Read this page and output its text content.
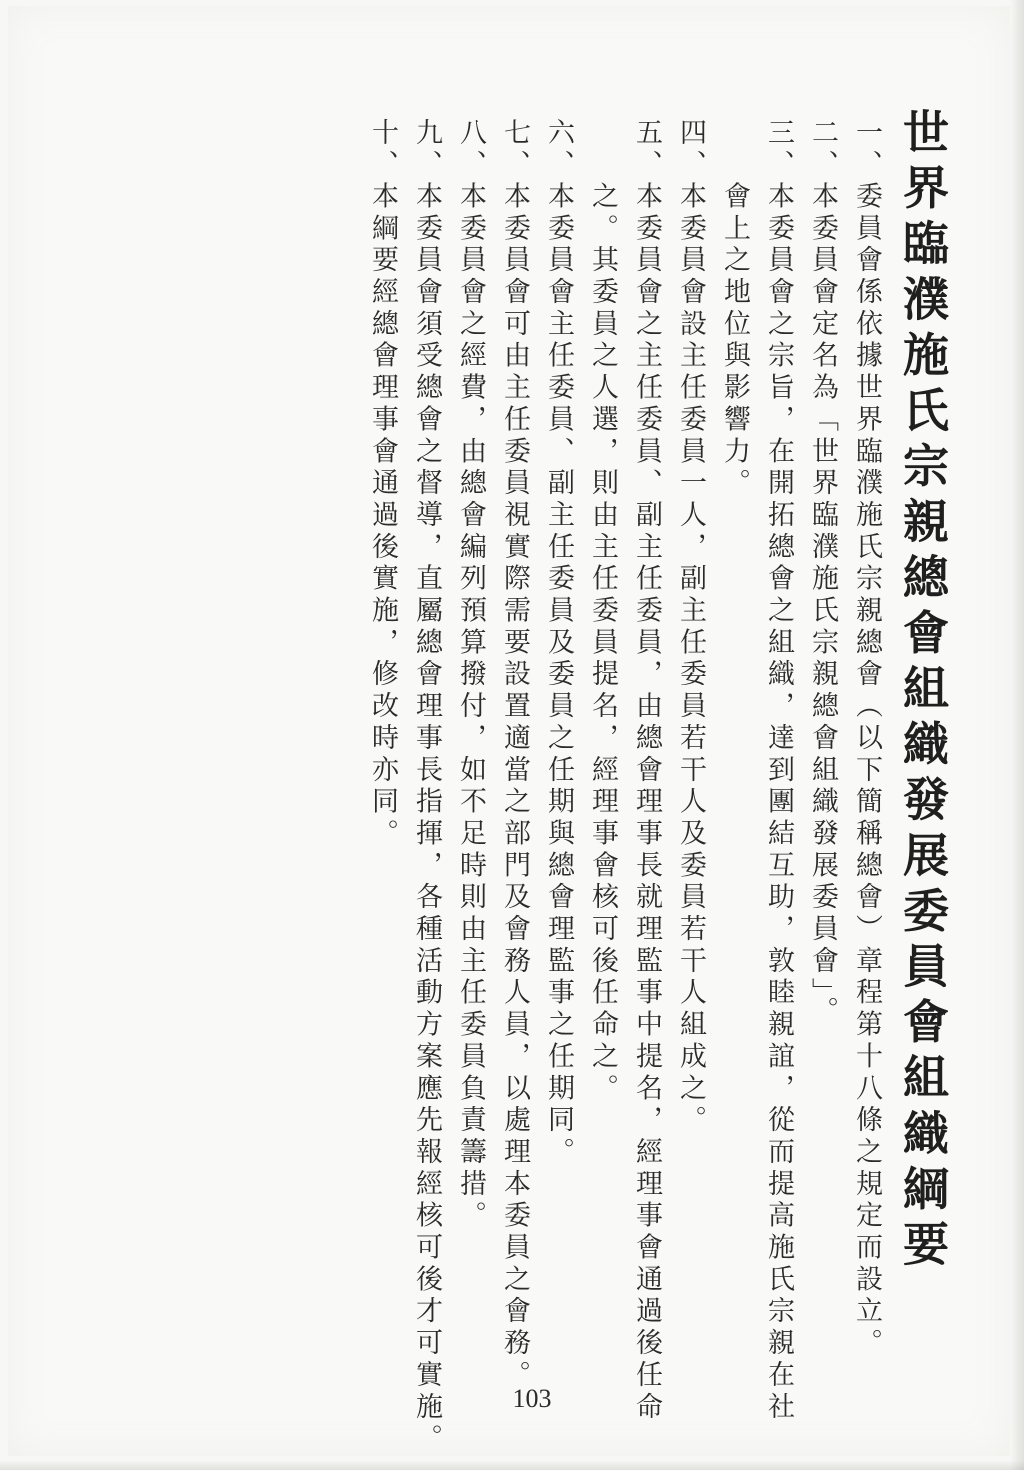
世界臨濮施氏宗親總會組織發展委員會組織綱要
一、委員會係依據世界臨濮施氏宗親總會（以下簡稱總會）章程第十八條之規定而設立。
二、本委員會定名為「世界臨濮施氏宗親總會組織發展委員會」。
三、本委員會之宗旨，在開拓總會之組織，達到團結互助，敦睦親誼，從而提高施氏宗親在社
　　會上之地位與影響力。
四、本委員會設主任委員一人，副主任委員若干人及委員若干人組成之。
五、本委員會之主任委員、副主任委員，由總會理事長就理監事中提名，經理事會通過後任命
　　之。其委員之人選，則由主任委員提名，經理事會核可後任命之。
六、本委員會主任委員、副主任委員及委員之任期與總會理監事之任期同。
七、本委員會可由主任委員視實際需要設置適當之部門及會務人員，以處理本委員之會務。
八、本委員會之經費，由總會編列預算撥付，如不足時則由主任委員負責籌措。
九、本委員會須受總會之督導，直屬總會理事長指揮，各種活動方案應先報經核可後才可實施。
十、本綱要經總會理事會通過後實施，修改時亦同。
103
